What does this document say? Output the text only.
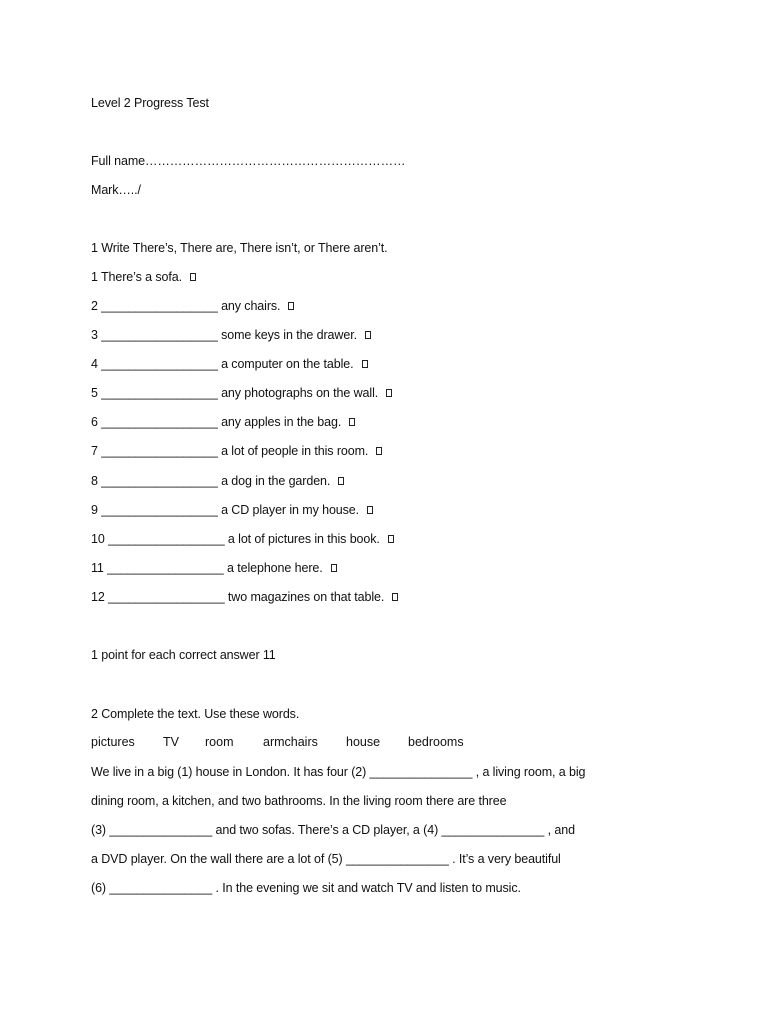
Level 2 Progress Test
Full name………………………………………………………
Mark…../
1 Write There’s, There are, There isn’t, or There aren’t.
1 There’s a sofa.
2 _________________ any chairs.
3 _________________ some keys in the drawer.
4 _________________ a computer on the table.
5 _________________ any photographs on the wall.
6 _________________ any apples in the bag.
7 _________________ a lot of people in this room.
8 _________________ a dog in the garden.
9 _________________ a CD player in my house.
10 _________________ a lot of pictures in this book.
11 _________________ a telephone here.
12 _________________ two magazines on that table.
1 point for each correct answer 11
2 Complete the text. Use these words.
pictures TV room armchairs house bedrooms
We live in a big (1) house in London. It has four (2) _______________ , a living room, a big
dining room, a kitchen, and two bathrooms. In the living room there are three
(3) _______________ and two sofas. There’s a CD player, a (4) _______________ , and
a DVD player. On the wall there are a lot of (5) _______________ . It’s a very beautiful
(6) _______________ . In the evening we sit and watch TV and listen to music.
